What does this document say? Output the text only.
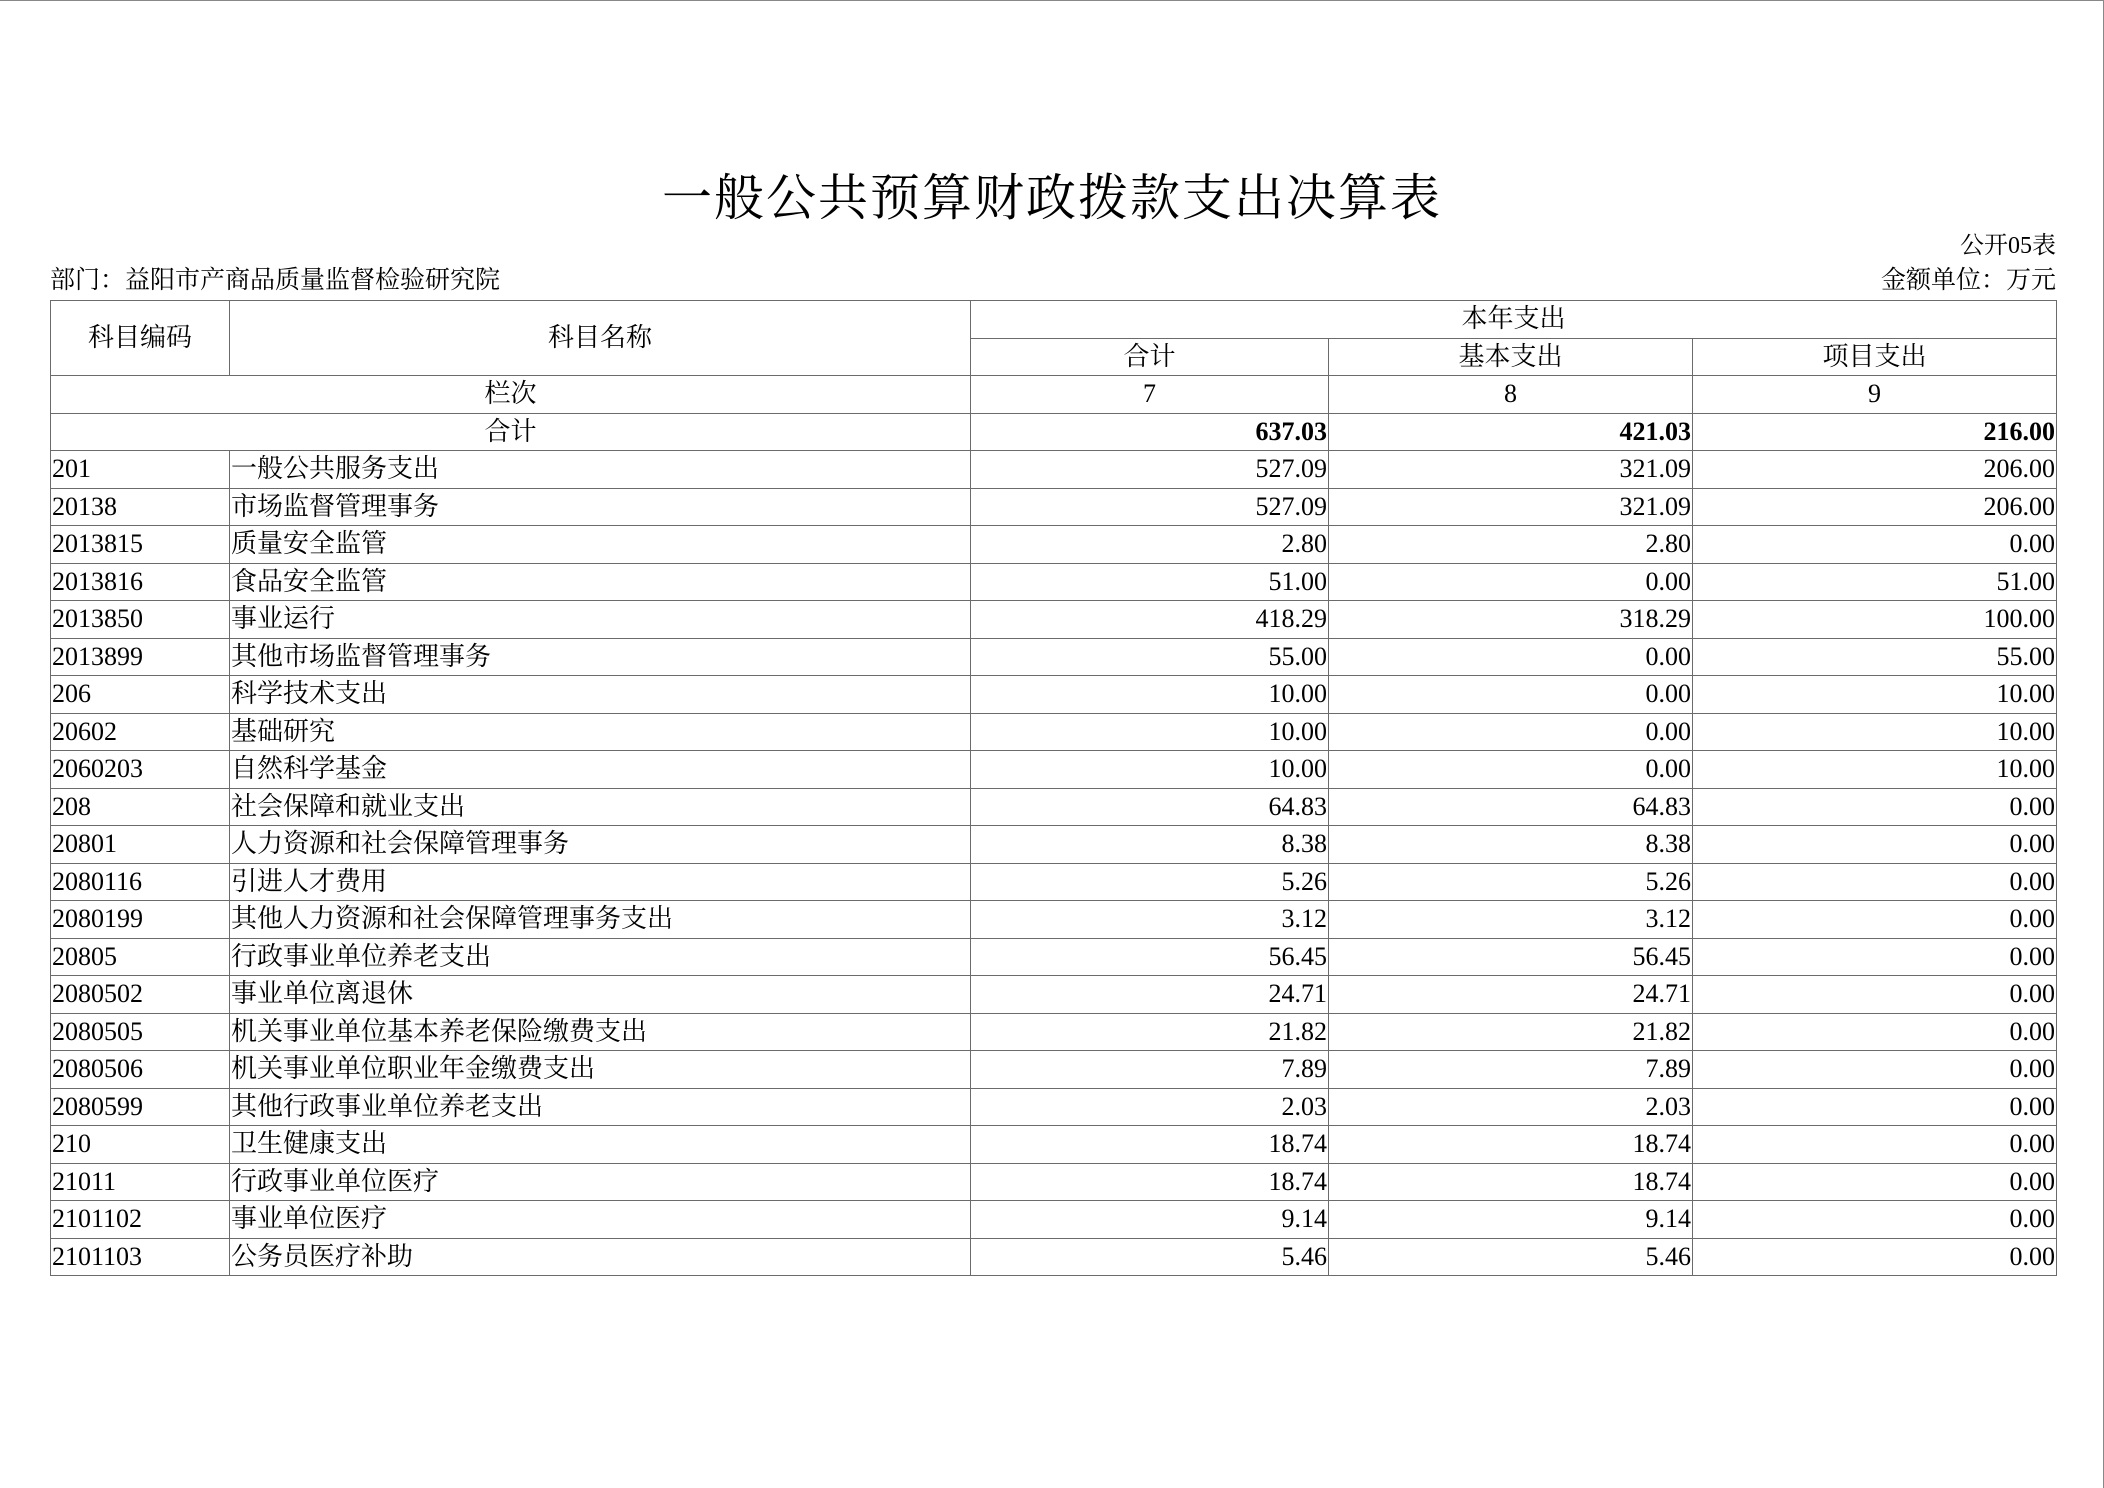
一般公共预算财政拨款支出决算表
公开05表
部门：益阳市产商品质量监督检验研究院	金额单位：万元
科目编码	科目名称	本年支出		
		合计	基本支出	项目支出
栏次		7	8	9
合计		637.03	421.03	216.00
201	一般公共服务支出	527.09	321.09	206.00
20138	市场监督管理事务	527.09	321.09	206.00
2013815	质量安全监管	2.80	2.80	0.00
2013816	食品安全监管	51.00	0.00	51.00
2013850	事业运行	418.29	318.29	100.00
2013899	其他市场监督管理事务	55.00	0.00	55.00
206	科学技术支出	10.00	0.00	10.00
20602	基础研究	10.00	0.00	10.00
2060203	自然科学基金	10.00	0.00	10.00
208	社会保障和就业支出	64.83	64.83	0.00
20801	人力资源和社会保障管理事务	8.38	8.38	0.00
2080116	引进人才费用	5.26	5.26	0.00
2080199	其他人力资源和社会保障管理事务支出	3.12	3.12	0.00
20805	行政事业单位养老支出	56.45	56.45	0.00
2080502	事业单位离退休	24.71	24.71	0.00
2080505	机关事业单位基本养老保险缴费支出	21.82	21.82	0.00
2080506	机关事业单位职业年金缴费支出	7.89	7.89	0.00
2080599	其他行政事业单位养老支出	2.03	2.03	0.00
210	卫生健康支出	18.74	18.74	0.00
21011	行政事业单位医疗	18.74	18.74	0.00
2101102	事业单位医疗	9.14	9.14	0.00
2101103	公务员医疗补助	5.46	5.46	0.00
